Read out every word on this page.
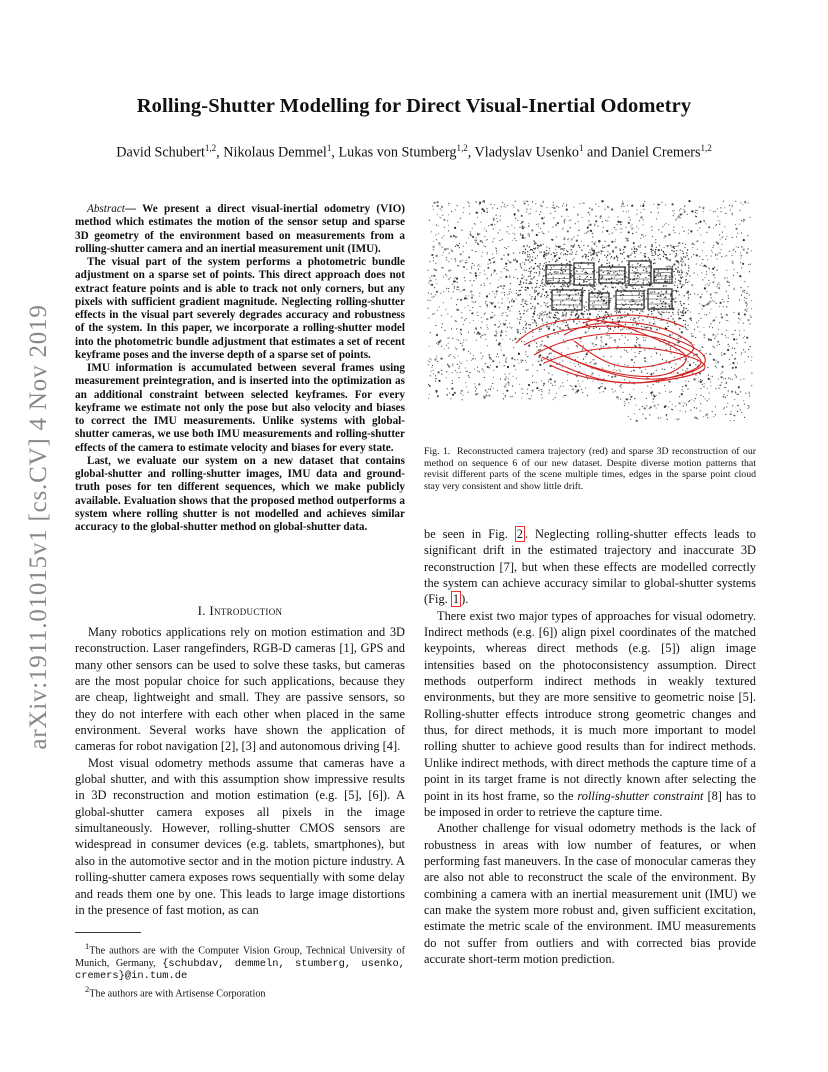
Rolling-Shutter Modelling for Direct Visual-Inertial Odometry
David Schubert$^{1,2}$, Nikolaus Demmel$^1$, Lukas von Stumberg$^{1,2}$, Vladyslav Usenko$^1$ and Daniel Cremers$^{1,2}$
arXiv:1911.01015v1 [cs.CV] 4 Nov 2019

Abstract— We present a direct visual-inertial odometry (VIO) method which estimates the motion of the sensor setup and sparse 3D geometry of the environment based on measurements from a rolling-shutter camera and an inertial measurement unit (IMU).

The visual part of the system performs a photometric bundle adjustment on a sparse set of points. This direct approach does not extract feature points and is able to track not only corners, but any pixels with sufficient gradient magnitude. Neglecting rolling-shutter effects in the visual part severely degrades accuracy and robustness of the system. In this paper, we incorporate a rolling-shutter model into the photometric bundle adjustment that estimates a set of recent keyframe poses and the inverse depth of a sparse set of points.

IMU information is accumulated between several frames using measurement preintegration, and is inserted into the optimization as an additional constraint between selected keyframes. For every keyframe we estimate not only the pose but also velocity and biases to correct the IMU measurements. Unlike systems with global-shutter cameras, we use both IMU measurements and rolling-shutter effects of the camera to estimate velocity and biases for every state.

Last, we evaluate our system on a new dataset that contains global-shutter and rolling-shutter images, IMU data and ground-truth poses for ten different sequences, which we make publicly available. Evaluation shows that the proposed method outperforms a system where rolling shutter is not modelled and achieves similar accuracy to the global-shutter method on global-shutter data.

I. Introduction

Many robotics applications rely on motion estimation and 3D reconstruction. Laser rangefinders, RGB-D cameras [1], GPS and many other sensors can be used to solve these tasks, but cameras are the most popular choice for such applications, because they are cheap, lightweight and small. They are passive sensors, so they do not interfere with each other when placed in the same environment. Several works have shown the application of cameras for robot navigation [2], [3] and autonomous driving [4].

Most visual odometry methods assume that cameras have a global shutter, and with this assumption show impressive results in 3D reconstruction and motion estimation (e.g. [5], [6]). A global-shutter camera exposes all pixels in the image simultaneously. However, rolling-shutter CMOS sensors are widespread in consumer devices (e.g. tablets, smartphones), but also in the automotive sector and in the motion picture industry. A rolling-shutter camera exposes rows sequentially with some delay and reads them one by one. This leads to large image distortions in the presence of fast motion, as can

$^1$The authors are with the Computer Vision Group, Technical University of Munich, Germany, {schubdav, demmeln, stumberg, usenko, cremers}@in.tum.de

$^2$The authors are with Artisense Corporation

Fig. 1. Reconstructed camera trajectory (red) and sparse 3D reconstruction of our method on sequence 6 of our new dataset. Despite diverse motion patterns that revisit different parts of the scene multiple times, edges in the sparse point cloud stay very consistent and show little drift.

be seen in Fig. 2 . Neglecting rolling-shutter effects leads to significant drift in the estimated trajectory and inaccurate 3D reconstruction [7], but when these effects are modelled correctly the system can achieve accuracy similar to global-shutter systems (Fig. 1 ).

There exist two major types of approaches for visual odometry. Indirect methods (e.g. [6]) align pixel coordinates of the matched keypoints, whereas direct methods (e.g. [5]) align image intensities based on the photoconsistency assumption. Direct methods outperform indirect methods in weakly textured environments, but they are more sensitive to geometric noise [5]. Rolling-shutter effects introduce strong geometric changes and thus, for direct methods, it is much more important to model rolling shutter to achieve good results than for indirect methods. Unlike indirect methods, with direct methods the capture time of a point in its target frame is not directly known after selecting the point in its host frame, so the rolling-shutter constraint [8] has to be imposed in order to retrieve the capture time.

Another challenge for visual odometry methods is the lack of robustness in areas with low number of features, or when performing fast maneuvers. In the case of monocular cameras they are also not able to reconstruct the scale of the environment. By combining a camera with an inertial measurement unit (IMU) we can make the system more robust and, given sufficient excitation, estimate the metric scale of the environment. IMU measurements do not suffer from outliers and with corrected bias provide accurate short-term motion prediction.
